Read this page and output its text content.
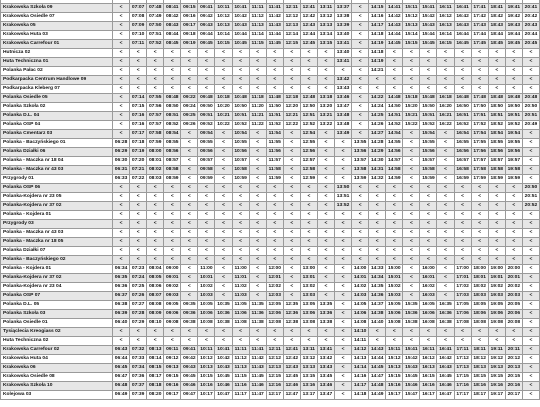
Krakowska Szkoła 09	<	07:07	07:48	08:41	09:15	09:41	10:11	10:41	11:11	11:41	12:11	12:41	13:11	13:37	<	14:15	14:41	15:11	15:41	16:11	16:41	17:41	18:41	19:41	20:41
Krakowska Osiedle 07	<	07:08	07:49	08:42	09:16	09:42	10:12	10:42	11:12	11:42	12:12	12:42	13:12	13:38	<	14:16	14:42	15:12	15:42	16:12	16:42	17:42	18:42	19:42	20:42
Krakowska 05	<	07:09	07:50	08:43	09:17	09:43	10:13	10:43	11:13	11:43	12:13	12:43	13:13	13:39	<	14:17	14:43	15:13	15:43	16:13	16:43	17:43	18:43	19:43	20:43
Krakowska Huta 03	<	07:10	07:51	08:44	09:18	09:44	10:14	10:44	11:14	11:44	12:14	12:44	13:14	13:40	<	14:18	14:44	15:14	15:44	16:14	16:44	17:44	18:44	19:44	20:44
Krakowska Carrefour 01	<	07:11	07:52	08:45	09:19	09:45	10:15	10:45	11:15	11:45	12:15	12:45	13:15	13:41	<	14:19	14:45	15:15	15:45	16:15	16:45	17:45	18:45	19:45	20:45
Hutnicza 02	<	<	<	<	<	<	<	<	<	<	<	<	<	13:40	<	14:18	<	<	<	<	<	<	<	<	<
Huta Techniczna 01	<	<	<	<	<	<	<	<	<	<	<	<	<	13:41	<	14:19	<	<	<	<	<	<	<	<	<
Polanka Pałac 02	<	<	<	<	<	<	<	<	<	<	<	<	<	<	<	14:21	<	<	<	<	<	<	<	<	<
Podkarpacka Centrum Handlowe 09	<	<	<	<	<	<	<	<	<	<	<	<	<	13:42	<	<	<	<	<	<	<	<	<	<	<
Podkarpacka Kleberg 07	<	<	<	<	<	<	<	<	<	<	<	<	<	13:43	<	<	<	<	<	<	<	<	<	<	<
Polanka Osiedle 05	<	07:14	07:55	08:48	09:22	09:48	10:18	10:48	11:18	11:48	12:18	12:48	13:18	13:46	<	14:22	14:48	15:18	15:48	16:18	16:48	17:48	18:48	19:48	20:48
Polanka Szkoła 02	<	07:15	07:56	08:50	09:24	09:50	10:20	10:50	11:20	11:50	12:20	12:50	13:20	13:47	<	14:24	14:50	15:20	15:50	16:20	16:50	17:50	18:50	19:50	20:50
Polanka D.L. 04	<	07:16	07:57	08:51	09:25	09:51	10:21	10:51	11:21	11:51	12:21	12:51	13:21	13:48	<	14:25	14:51	15:21	15:51	16:21	16:51	17:51	18:51	19:51	20:51
Polanka OSP 04	<	07:16	07:57	08:52	09:26	09:52	10:22	10:52	11:22	11:52	12:22	12:52	13:22	13:48	<	14:26	14:52	15:22	15:52	16:22	16:52	17:52	18:52	19:52	20:49
Polanka Cmentarz 03	<	07:17	07:58	08:54	<	09:54	<	10:54	<	11:54	<	12:54	<	13:49	<	14:27	14:54	<	15:54	<	16:54	17:54	18:54	19:54	<
Polanka - Baczyńskiego 01	06:28	07:18	07:59	08:55	<	09:55	<	10:55	<	11:55	<	12:55	<	<	13:55	14:28	14:55	<	15:55	<	16:55	17:55	18:55	19:55	<
Polanka Działki 06	06:29	07:19	08:00	08:56	<	09:56	<	10:56	<	11:56	<	12:56	<	<	13:56	14:29	14:56	<	15:56	<	16:56	17:56	18:56	19:56	<
Polanka - Maczka nr 18 04	06:30	07:20	08:01	08:57	<	09:57	<	10:57	<	11:57	<	12:57	<	<	13:57	14:30	14:57	<	15:57	<	16:57	17:57	18:57	19:57	<
Polanka - Maczka nr 43 03	06:31	07:21	08:02	08:58	<	09:58	<	10:58	<	11:58	<	12:58	<	<	13:58	14:31	14:58	<	15:58	<	16:58	17:58	18:58	19:58	<
Przygrody 01	06:33	07:22	08:03	08:59	<	09:59	<	10:59	<	11:59	<	12:59	<	<	13:59	14:32	14:59	<	15:59	<	16:59	17:59	18:59	19:59	<
Polanka OSP 06	<	<	<	<	<	<	<	<	<	<	<	<	<	13:50	<	<	<	<	<	<	<	<	<	<	20:50
Polanka-Kojdera nr 23 05	<	<	<	<	<	<	<	<	<	<	<	<	<	13:51	<	<	<	<	<	<	<	<	<	<	20:51
Polanka-Kojdera nr 37 02	<	<	<	<	<	<	<	<	<	<	<	<	<	13:52	<	<	<	<	<	<	<	<	<	<	20:52
Polanka - Kojdera 01	<	<	<	<	<	<	<	<	<	<	<	<	<	<	<	<	<	<	<	<	<	<	<	<	<
Przygrody 03	<	<	<	<	<	<	<	<	<	<	<	<	<	<	<	<	<	<	<	<	<	<	<	<	<
Polanka - Maczka nr 43 03	<	<	<	<	<	<	<	<	<	<	<	<	<	<	<	<	<	<	<	<	<	<	<	<	<
Polanka - Maczka nr 18 05	<	<	<	<	<	<	<	<	<	<	<	<	<	<	<	<	<	<	<	<	<	<	<	<	<
Polanka Działki 07	<	<	<	<	<	<	<	<	<	<	<	<	<	<	<	<	<	<	<	<	<	<	<	<	<
Polanka - Baczyńskiego 02	<	<	<	<	<	<	<	<	<	<	<	<	<	<	<	<	<	<	<	<	<	<	<	<	<
Polanka - Kojdera 01	06:34	07:23	08:04	09:00	<	11:00	<	11:00	<	12:00	<	13:00	<	<	14:00	14:33	15:00	<	16:00	<	17:00	18:00	19:00	20:00	<
Polanka-Kojdera nr 37 02	06:35	07:24	08:05	09:01	<	10:01	<	11:01	<	12:01	<	13:01	<	<	14:01	14:34	15:01	<	16:01	<	17:01	18:01	19:01	20:01	<
Polanka-Kojdera nr 23 04	06:36	07:25	08:06	09:02	<	10:02	<	11:02	<	12:02	<	13:02	<	<	14:02	14:35	15:02	<	16:02	<	17:02	18:02	19:02	20:02	<
Polanka OSP 07	06:37	07:26	08:07	09:03	<	10:03	<	11:03	<	12:03	<	13:03	<	<	14:03	14:36	15:03	<	16:03	<	17:03	18:03	19:03	20:03	<
Polanka D.L. 05	06:38	07:27	08:08	09:05	09:35	10:05	10:35	11:05	11:35	12:05	12:35	13:05	13:35	<	14:05	14:37	15:05	15:35	16:05	16:35	17:05	18:05	19:05	20:05	<
Polanka Szkoła 03	06:39	07:28	08:09	09:06	09:36	10:06	10:36	11:06	11:36	12:06	12:36	13:06	13:36	<	14:06	14:38	15:06	15:36	16:06	16:36	17:06	18:06	19:06	20:06	<
Polanka Osiedle 01	06:40	07:29	08:10	09:08	09:38	10:08	10:38	11:08	11:38	12:08	12:38	13:08	13:38	<	14:08	14:40	15:08	15:38	16:08	16:38	17:08	18:08	19:08	20:08	<
Tysiąclecia Kreogiass 02	<	<	<	<	<	<	<	<	<	<	<	<	<	<	14:10	<	<	<	<	<	<	<	<	<	<
Huta Techniczna 02	<	<	<	<	<	<	<	<	<	<	<	<	<	<	14:11	<	<	<	<	<	<	<	<	<	<
Krakowska Carrefour 02	06:43	07:32	08:13	09:11	09:41	10:11	10:41	11:11	11:41	12:11	12:41	13:11	13:41	<	14:12	14:43	15:11	15:41	16:11	16:41	17:11	18:11	19:11	20:11	<
Krakowska Huta 04	06:44	07:33	08:14	09:12	09:42	10:12	10:42	11:12	11:42	12:12	12:42	13:12	13:42	<	14:13	14:44	15:12	15:42	16:12	16:42	17:12	18:12	19:12	20:12	<
Krakowska 06	06:45	07:34	08:15	09:13	09:43	10:13	10:43	11:13	11:43	12:13	12:43	13:13	13:43	<	14:14	14:45	15:13	15:43	16:13	16:43	17:13	18:13	19:13	20:13	<
Krakowska Osiedle 08	06:47	07:36	08:17	09:15	09:45	10:15	10:45	11:15	11:45	12:15	12:45	13:15	13:45	<	14:16	14:47	15:15	15:45	16:15	16:45	17:15	18:15	19:15	20:15	<
Krakowska Szkoła 10	06:48	07:37	08:18	09:16	09:46	10:16	10:46	11:16	11:46	12:16	12:46	13:16	13:46	<	14:17	14:48	15:16	15:46	16:16	16:46	17:16	18:16	19:16	20:16	<
Kolejowa 03	06:49	07:39	08:20	09:17	09:47	10:17	10:47	11:17	11:47	12:17	12:47	13:17	13:47	<	14:18	14:49	15:17	15:47	16:17	16:47	17:17	18:17	19:17	20:17	<
